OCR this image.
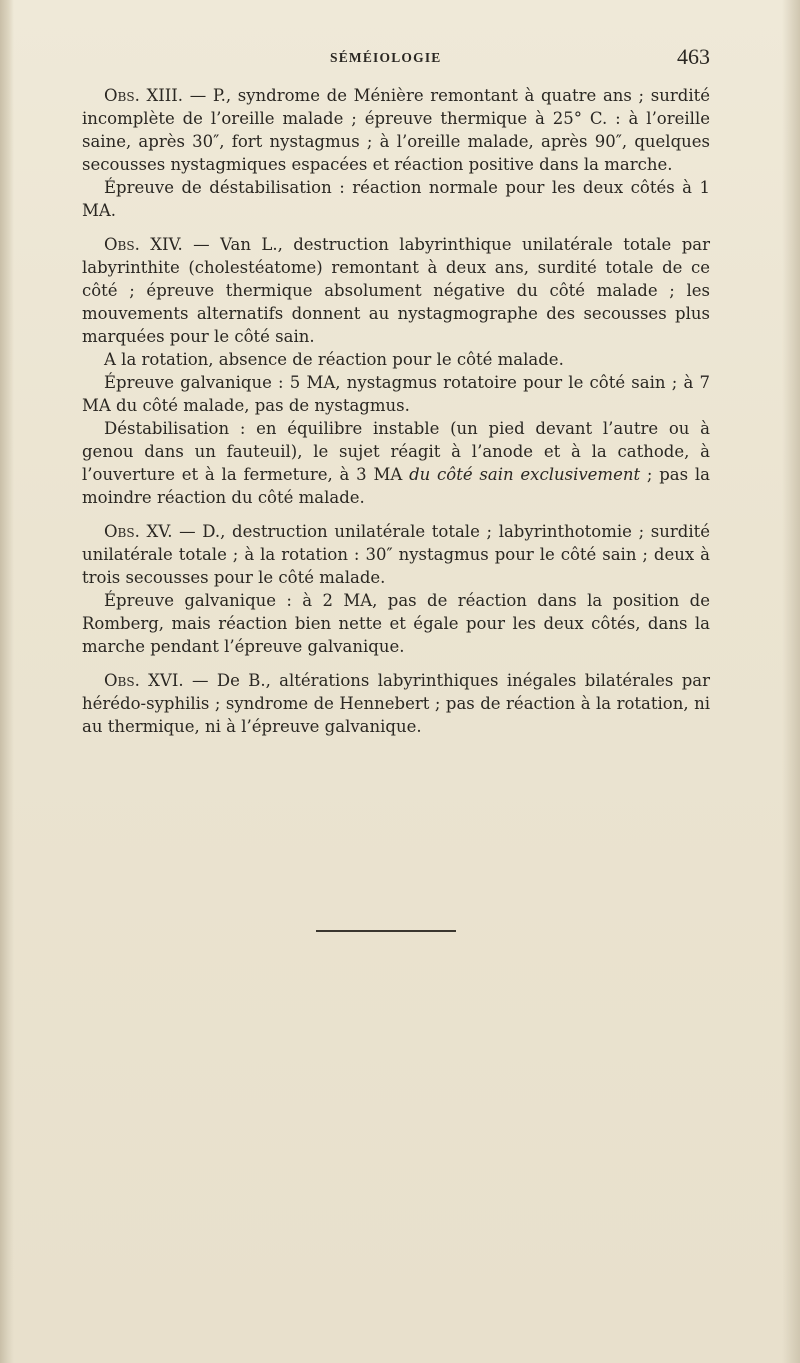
SÉMÉIOLOGIE	463

Obs. XIII. — P., syndrome de Ménière remontant à quatre ans ; surdité incomplète de l’oreille malade ; épreuve thermique à 25° C. : à l’oreille saine, après 30″, fort nystagmus ; à l’oreille malade, après 90″, quelques secousses nystagmiques espacées et réaction positive dans la marche.

Épreuve de déstabilisation : réaction normale pour les deux côtés à 1 MA.

Obs. XIV. — Van L., destruction labyrinthique unilatérale totale par labyrinthite (cholestéatome) remontant à deux ans, surdité totale de ce côté ; épreuve thermique absolument négative du côté malade ; les mouvements alternatifs donnent au nystagmographe des secousses plus marquées pour le côté sain.

A la rotation, absence de réaction pour le côté malade.

Épreuve galvanique : 5 MA, nystagmus rotatoire pour le côté sain ; à 7 MA du côté malade, pas de nystagmus.

Déstabilisation : en équilibre instable (un pied devant l’autre ou à genou dans un fauteuil), le sujet réagit à l’anode et à la cathode, à l’ouverture et à la fermeture, à 3 MA du côté sain exclusivement ; pas la moindre réaction du côté malade.

Obs. XV. — D., destruction unilatérale totale ; labyrinthotomie ; surdité unilatérale totale ; à la rotation : 30″ nystagmus pour le côté sain ; deux à trois secousses pour le côté malade.

Épreuve galvanique : à 2 MA, pas de réaction dans la position de Romberg, mais réaction bien nette et égale pour les deux côtés, dans la marche pendant l’épreuve galvanique.

Obs. XVI. — De B., altérations labyrinthiques inégales bilatérales par hérédo-syphilis ; syndrome de Hennebert ; pas de réaction à la rotation, ni au thermique, ni à l’épreuve galvanique.
